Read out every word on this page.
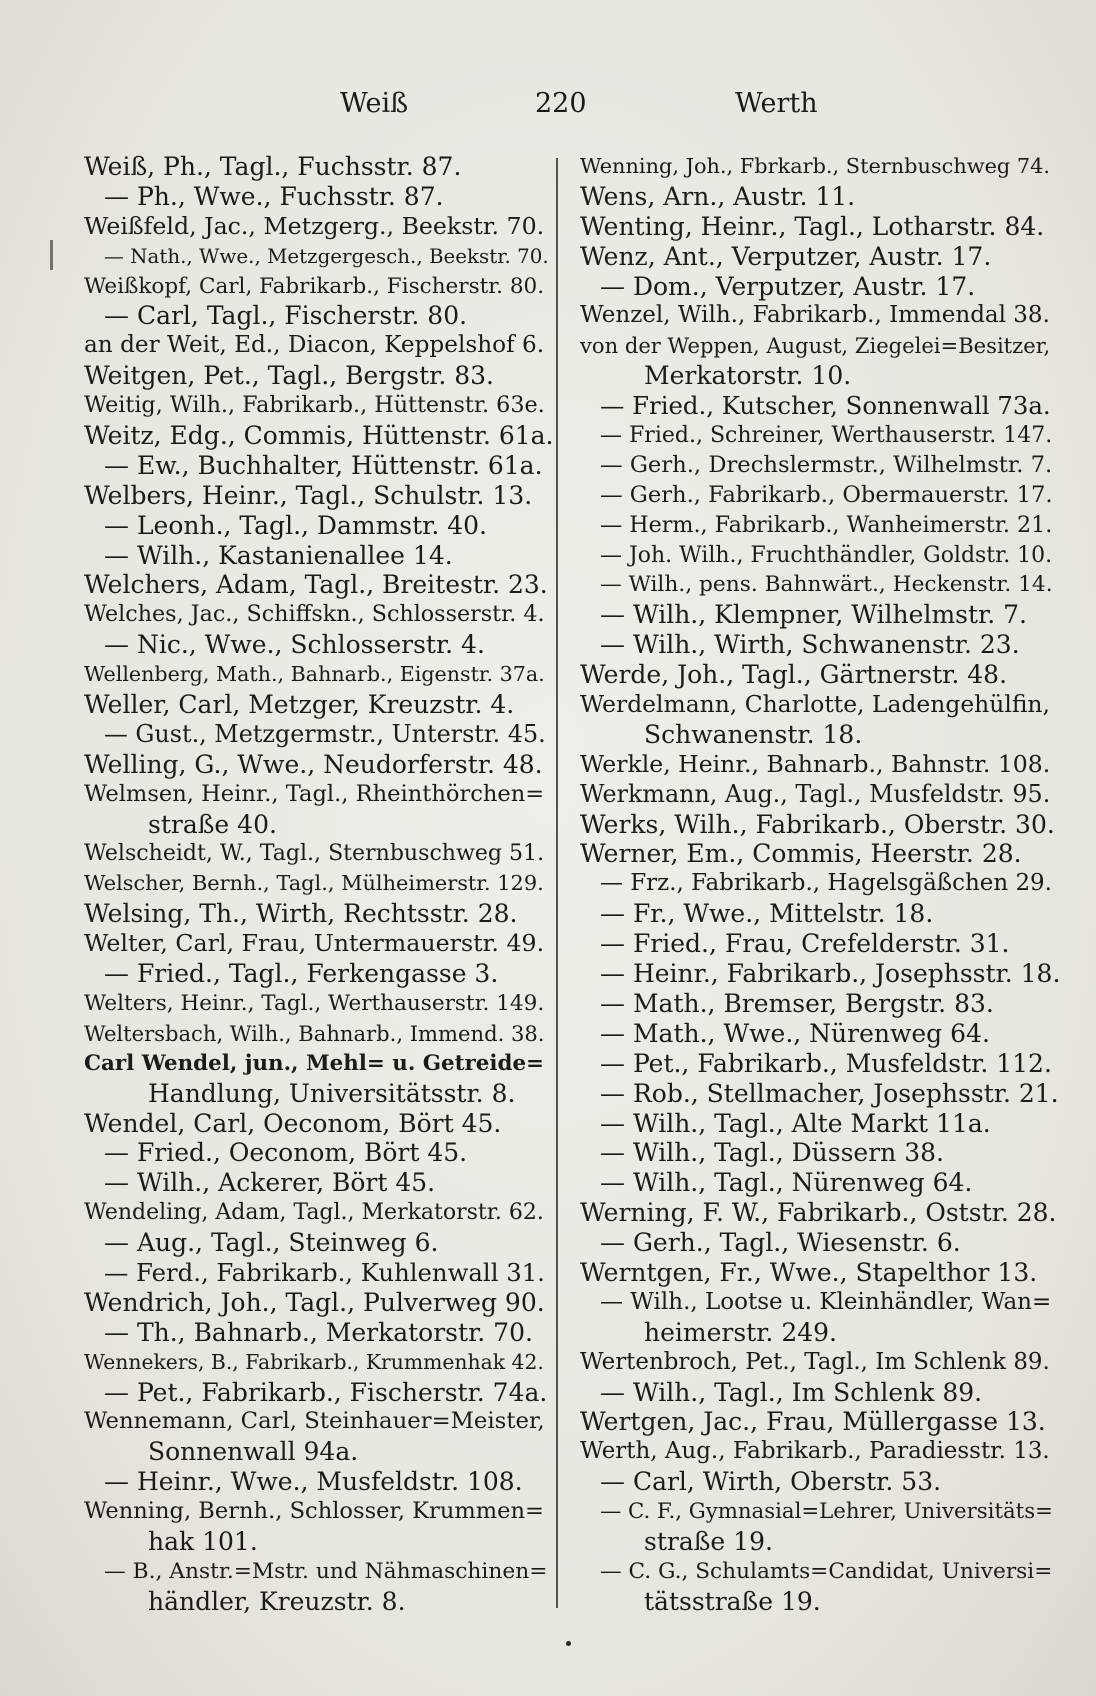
Weiß	220	Werth
Weiß, Ph., Tagl., Fuchsstr. 87.
— Ph., Wwe., Fuchsstr. 87.
Weißfeld, Jac., Metzgerg., Beekstr. 70.
— Nath., Wwe., Metzgergesch., Beekstr. 70.
Weißkopf, Carl, Fabrikarb., Fischerstr. 80.
— Carl, Tagl., Fischerstr. 80.
an der Weit, Ed., Diacon, Keppelshof 6.
Weitgen, Pet., Tagl., Bergstr. 83.
Weitig, Wilh., Fabrikarb., Hüttenstr. 63e.
Weitz, Edg., Commis, Hüttenstr. 61a.
— Ew., Buchhalter, Hüttenstr. 61a.
Welbers, Heinr., Tagl., Schulstr. 13.
— Leonh., Tagl., Dammstr. 40.
— Wilh., Kastanienallee 14.
Welchers, Adam, Tagl., Breitestr. 23.
Welches, Jac., Schiffskn., Schlosserstr. 4.
— Nic., Wwe., Schlosserstr. 4.
Wellenberg, Math., Bahnarb., Eigenstr. 37a.
Weller, Carl, Metzger, Kreuzstr. 4.
— Gust., Metzgermstr., Unterstr. 45.
Welling, G., Wwe., Neudorferstr. 48.
Welmsen, Heinr., Tagl., Rheinthörchen=
straße 40.
Welscheidt, W., Tagl., Sternbuschweg 51.
Welscher, Bernh., Tagl., Mülheimerstr. 129.
Welsing, Th., Wirth, Rechtsstr. 28.
Welter, Carl, Frau, Untermauerstr. 49.
— Fried., Tagl., Ferkengasse 3.
Welters, Heinr., Tagl., Werthauserstr. 149.
Weltersbach, Wilh., Bahnarb., Immend. 38.
Carl Wendel, jun., Mehl= u. Getreide=
Handlung, Universitätsstr. 8.
Wendel, Carl, Oeconom, Bört 45.
— Fried., Oeconom, Bört 45.
— Wilh., Ackerer, Bört 45.
Wendeling, Adam, Tagl., Merkatorstr. 62.
— Aug., Tagl., Steinweg 6.
— Ferd., Fabrikarb., Kuhlenwall 31.
Wendrich, Joh., Tagl., Pulverweg 90.
— Th., Bahnarb., Merkatorstr. 70.
Wennekers, B., Fabrikarb., Krummenhak 42.
— Pet., Fabrikarb., Fischerstr. 74a.
Wennemann, Carl, Steinhauer=Meister,
Sonnenwall 94a.
— Heinr., Wwe., Musfeldstr. 108.
Wenning, Bernh., Schlosser, Krummen=
hak 101.
— B., Anstr.=Mstr. und Nähmaschinen=
händler, Kreuzstr. 8.
Wenning, Joh., Fbrkarb., Sternbuschweg 74.
Wens, Arn., Austr. 11.
Wenting, Heinr., Tagl., Lotharstr. 84.
Wenz, Ant., Verputzer, Austr. 17.
— Dom., Verputzer, Austr. 17.
Wenzel, Wilh., Fabrikarb., Immendal 38.
von der Weppen, August, Ziegelei=Besitzer,
Merkatorstr. 10.
— Fried., Kutscher, Sonnenwall 73a.
— Fried., Schreiner, Werthauserstr. 147.
— Gerh., Drechslermstr., Wilhelmstr. 7.
— Gerh., Fabrikarb., Obermauerstr. 17.
— Herm., Fabrikarb., Wanheimerstr. 21.
— Joh. Wilh., Fruchthändler, Goldstr. 10.
— Wilh., pens. Bahnwärt., Heckenstr. 14.
— Wilh., Klempner, Wilhelmstr. 7.
— Wilh., Wirth, Schwanenstr. 23.
Werde, Joh., Tagl., Gärtnerstr. 48.
Werdelmann, Charlotte, Ladengehülfin,
Schwanenstr. 18.
Werkle, Heinr., Bahnarb., Bahnstr. 108.
Werkmann, Aug., Tagl., Musfeldstr. 95.
Werks, Wilh., Fabrikarb., Oberstr. 30.
Werner, Em., Commis, Heerstr. 28.
— Frz., Fabrikarb., Hagelsgäßchen 29.
— Fr., Wwe., Mittelstr. 18.
— Fried., Frau, Crefelderstr. 31.
— Heinr., Fabrikarb., Josephsstr. 18.
— Math., Bremser, Bergstr. 83.
— Math., Wwe., Nürenweg 64.
— Pet., Fabrikarb., Musfeldstr. 112.
— Rob., Stellmacher, Josephsstr. 21.
— Wilh., Tagl., Alte Markt 11a.
— Wilh., Tagl., Düssern 38.
— Wilh., Tagl., Nürenweg 64.
Werning, F. W., Fabrikarb., Oststr. 28.
— Gerh., Tagl., Wiesenstr. 6.
Werntgen, Fr., Wwe., Stapelthor 13.
— Wilh., Lootse u. Kleinhändler, Wan=
heimerstr. 249.
Wertenbroch, Pet., Tagl., Im Schlenk 89.
— Wilh., Tagl., Im Schlenk 89.
Wertgen, Jac., Frau, Müllergasse 13.
Werth, Aug., Fabrikarb., Paradiesstr. 13.
— Carl, Wirth, Oberstr. 53.
— C. F., Gymnasial=Lehrer, Universitäts=
straße 19.
— C. G., Schulamts=Candidat, Universi=
tätsstraße 19.
